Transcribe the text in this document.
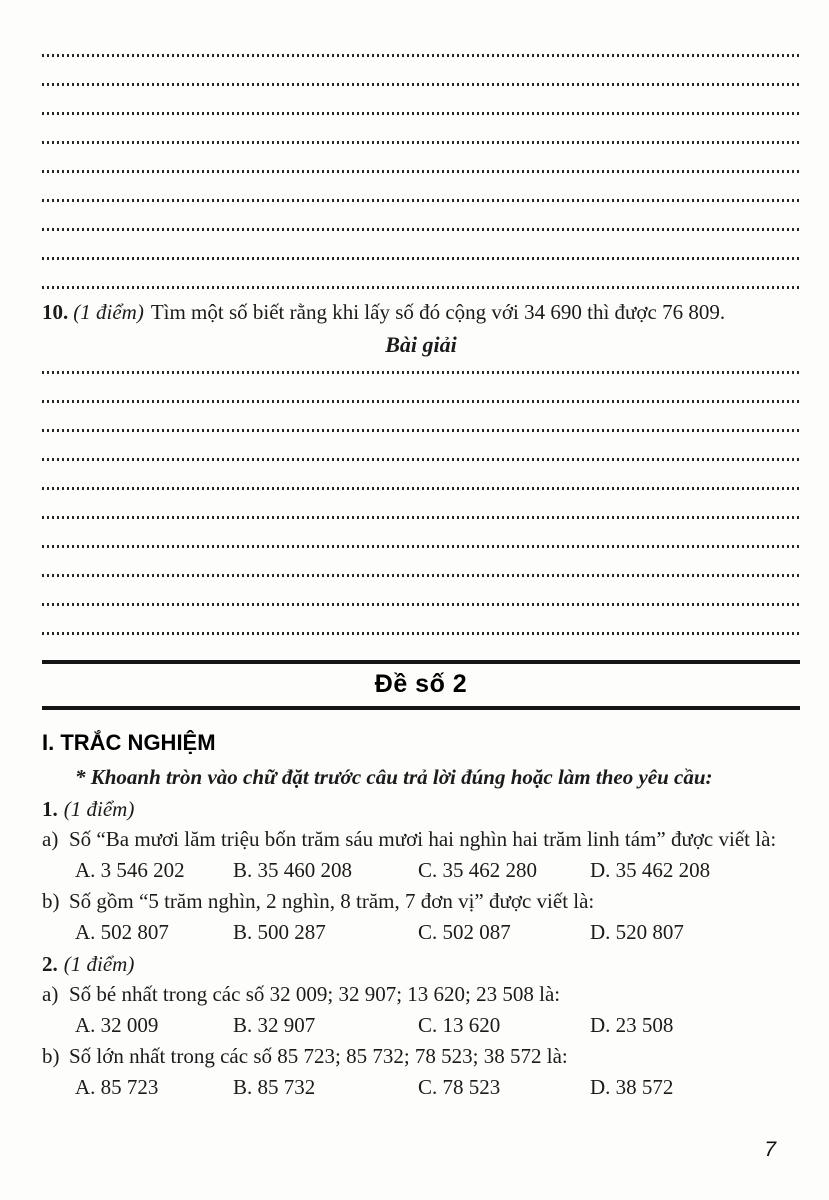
10. (1 điểm) Tìm một số biết rằng khi lấy số đó cộng với 34 690 thì được 76 809.

Bài giải

Đề số 2
I. TRẮC NGHIỆM

* Khoanh tròn vào chữ đặt trước câu trả lời đúng hoặc làm theo yêu cầu:

1. (1 điểm)

a) Số “Ba mươi lăm triệu bốn trăm sáu mươi hai nghìn hai trăm linh tám” được viết là:
A. 3 546 202	B. 35 460 208	C. 35 462 280	D. 35 462 208
b) Số gồm “5 trăm nghìn, 2 nghìn, 8 trăm, 7 đơn vị” được viết là:
A. 502 807	B. 500 287	C. 502 087	D. 520 807

2. (1 điểm)

a) Số bé nhất trong các số 32 009; 32 907; 13 620; 23 508 là:
A. 32 009	B. 32 907	C. 13 620	D. 23 508
b) Số lớn nhất trong các số 85 723; 85 732; 78 523; 38 572 là:
A. 85 723	B. 85 732	C. 78 523	D. 38 572
7
